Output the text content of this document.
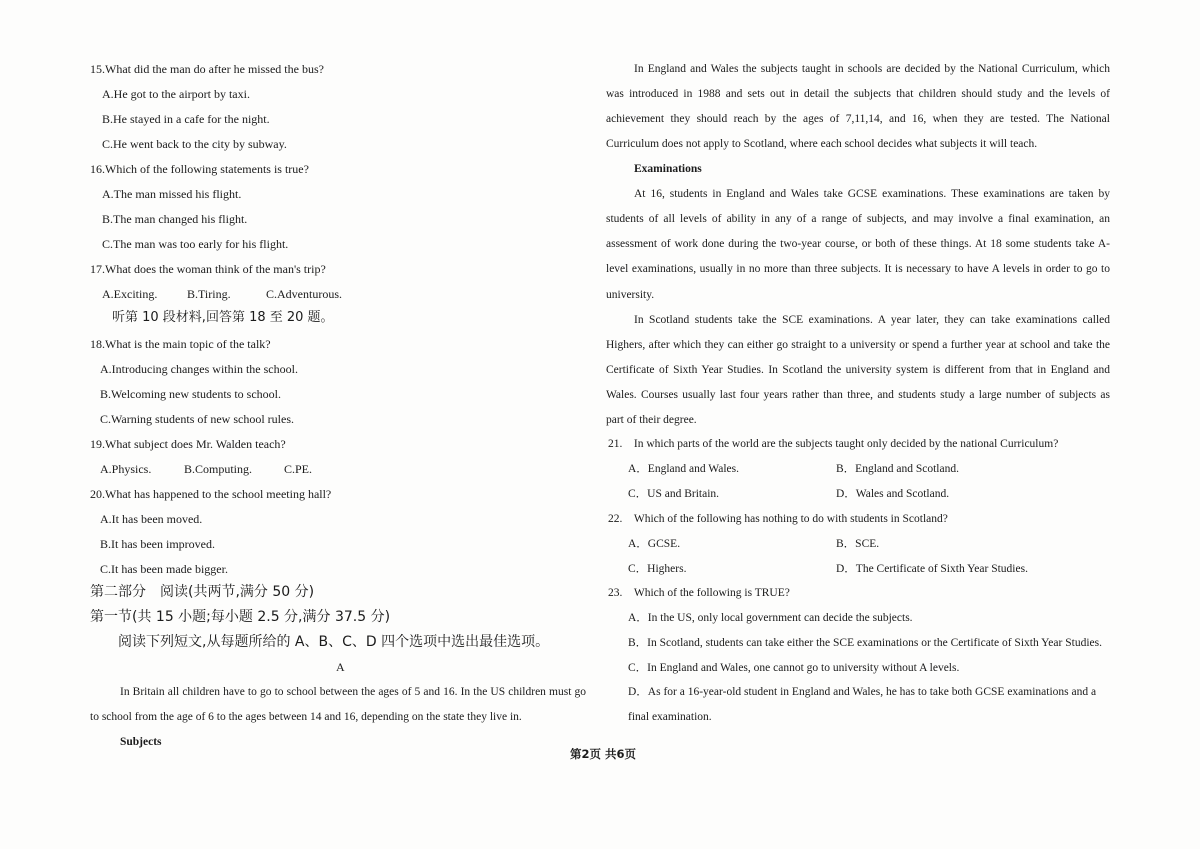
15.What did the man do after he missed the bus?
A.He got to the airport by taxi.
B.He stayed in a cafe for the night.
C.He went back to the city by subway.
16.Which of the following statements is true?
A.The man missed his flight.
B.The man changed his flight.
C.The man was too early for his flight.
17.What does the woman think of the man's trip?
A.Exciting. B.Tiring.	C.Adventurous.
听第 10 段材料,回答第 18 至 20 题。
18.What is the main topic of the talk?
A.Introducing changes within the school.
B.Welcoming new students to school.
C.Warning students of new school rules.
19.What subject does Mr. Walden teach?
A.Physics.	B.Computing.	C.PE.
20.What has happened to the school meeting hall?
A.It has been moved.
B.It has been improved.
C.It has been made bigger.
第二部分　阅读(共两节,满分 50 分)
第一节(共 15 小题;每小题 2.5 分,满分 37.5 分)
阅读下列短文,从每题所给的 A、B、C、D 四个选项中选出最佳选项。
A
In Britain all children have to go to school between the ages of 5 and 16. In the US children must go
to school from the age of 6 to the ages between 14 and 16, depending on the state they live in.
Subjects
In England and Wales the subjects taught in schools are decided by the National Curriculum, which
was introduced in 1988 and sets out in detail the subjects that children should study and the levels of
achievement they should reach by the ages of 7,11,14, and 16, when they are tested. The National
Curriculum does not apply to Scotland, where each school decides what subjects it will teach.
Examinations
At 16, students in England and Wales take GCSE examinations. These examinations are taken by
students of all levels of ability in any of a range of subjects, and may involve a final examination, an
assessment of work done during the two-year course, or both of these things. At 18 some students take A-
level examinations, usually in no more than three subjects. It is necessary to have A levels in order to go to
university.
In Scotland students take the SCE examinations. A year later, they can take examinations called
Highers, after which they can either go straight to a university or spend a further year at school and take the
Certificate of Sixth Year Studies. In Scotland the university system is different from that in England and
Wales. Courses usually last four years rather than three, and students study a large number of subjects as
part of their degree.
21.　In which parts of the world are the subjects taught only decided by the national Curriculum?
A．England and Wales.	B．England and Scotland.
C．US and Britain.	D．Wales and Scotland.
22.　Which of the following has nothing to do with students in Scotland?
A．GCSE.	B．SCE.
C．Highers.	D．The Certificate of Sixth Year Studies.
23.　Which of the following is TRUE?
A．In the US, only local government can decide the subjects.
B．In Scotland, students can take either the SCE examinations or the Certificate of Sixth Year Studies.
C．In England and Wales, one cannot go to university without A levels.
D．As for a 16-year-old student in England and Wales, he has to take both GCSE examinations and a
final examination.
第2页 共6页
